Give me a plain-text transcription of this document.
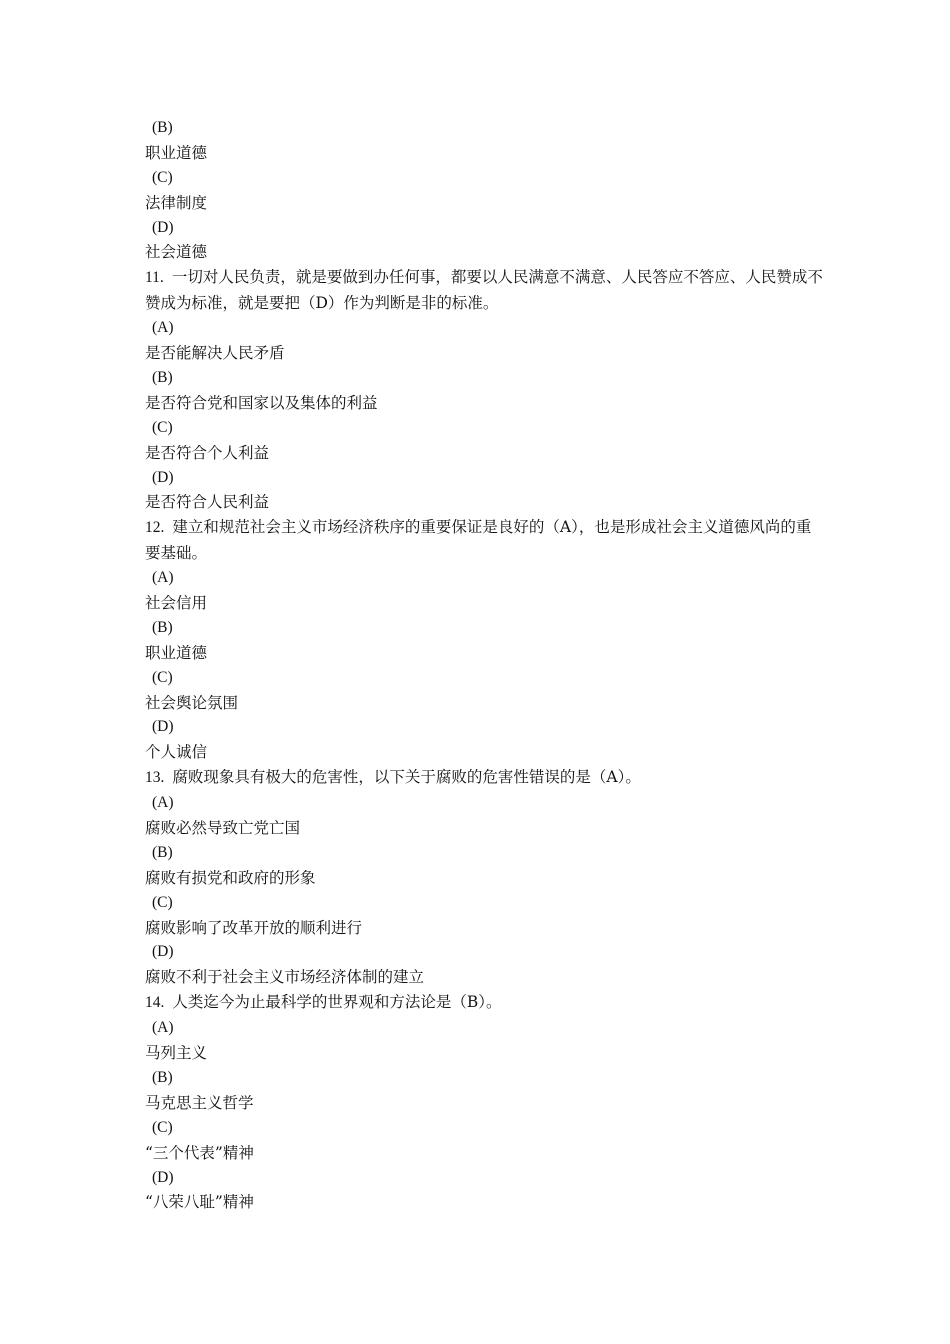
(B)
职业道德
(C)
法律制度
(D)
社会道德
11. 一切对人民负责，就是要做到办任何事，都要以人民满意不满意、人民答应不答应、人民赞成不赞成为标准，就是要把（D）作为判断是非的标准。
(A)
是否能解决人民矛盾
(B)
是否符合党和国家以及集体的利益
(C)
是否符合个人利益
(D)
是否符合人民利益
12. 建立和规范社会主义市场经济秩序的重要保证是良好的（A），也是形成社会主义道德风尚的重要基础。
(A)
社会信用
(B)
职业道德
(C)
社会舆论氛围
(D)
个人诚信
13. 腐败现象具有极大的危害性，以下关于腐败的危害性错误的是（A）。
(A)
腐败必然导致亡党亡国
(B)
腐败有损党和政府的形象
(C)
腐败影响了改革开放的顺利进行
(D)
腐败不利于社会主义市场经济体制的建立
14. 人类迄今为止最科学的世界观和方法论是（B）。
(A)
马列主义
(B)
马克思主义哲学
(C)
“三个代表”精神
(D)
“八荣八耻”精神
